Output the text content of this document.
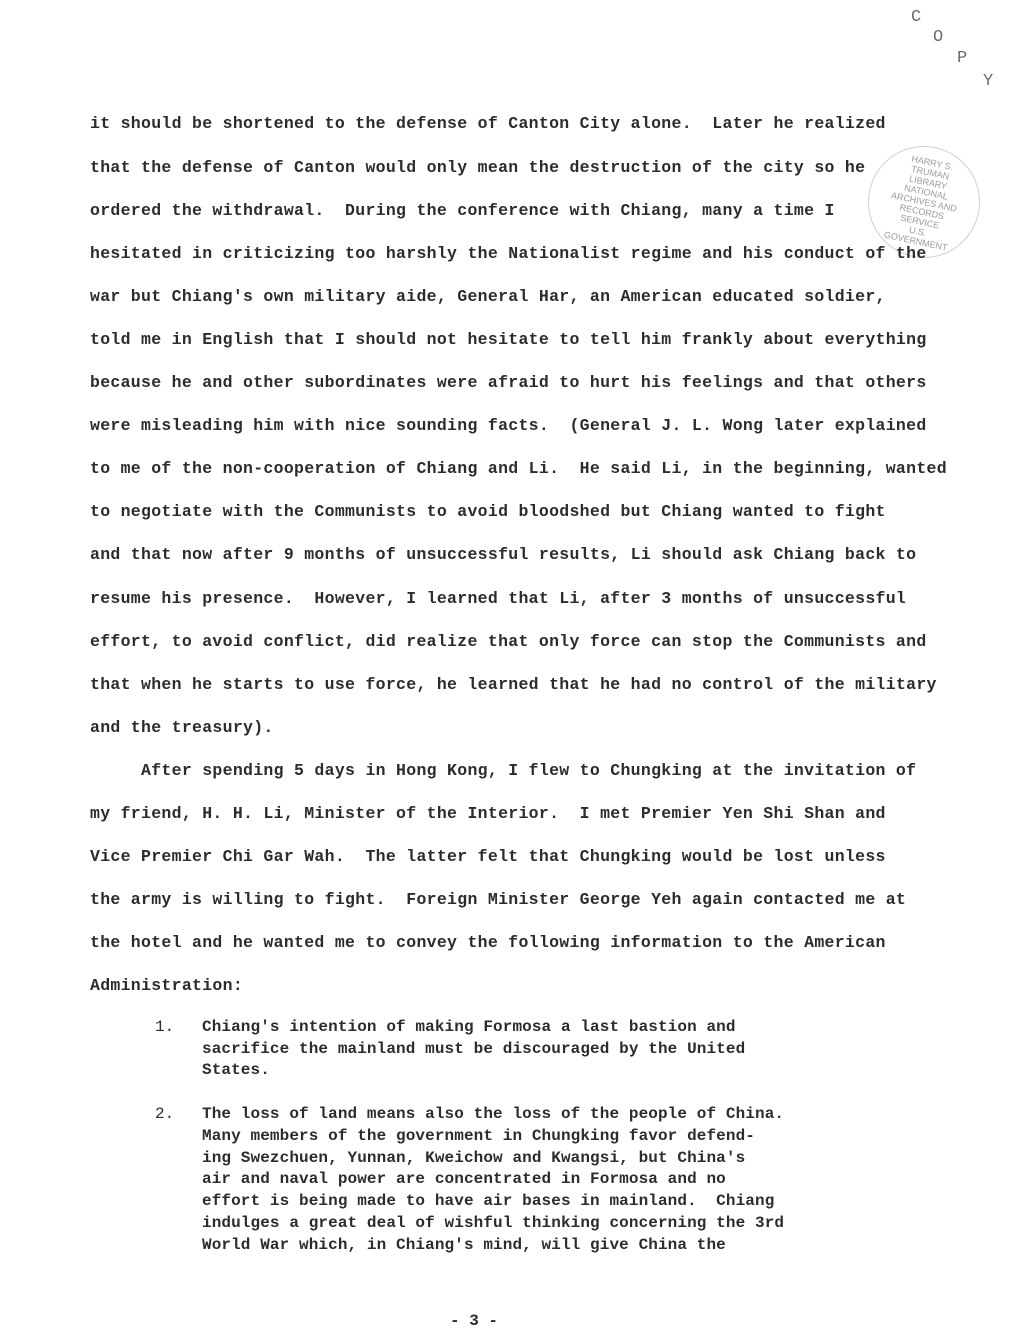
C
O
P
Y
HARRY S. TRUMAN LIBRARY
NATIONAL ARCHIVES AND RECORDS SERVICE
U.S. GOVERNMENT
it should be shortened to the defense of Canton City alone.  Later he realized
that the defense of Canton would only mean the destruction of the city so he
ordered the withdrawal.  During the conference with Chiang, many a time I
hesitated in criticizing too harshly the Nationalist regime and his conduct of the
war but Chiang's own military aide, General Har, an American educated soldier,
told me in English that I should not hesitate to tell him frankly about everything
because he and other subordinates were afraid to hurt his feelings and that others
were misleading him with nice sounding facts.  (General J. L. Wong later explained
to me of the non-cooperation of Chiang and Li.  He said Li, in the beginning, wanted
to negotiate with the Communists to avoid bloodshed but Chiang wanted to fight
and that now after 9 months of unsuccessful results, Li should ask Chiang back to
resume his presence.  However, I learned that Li, after 3 months of unsuccessful
effort, to avoid conflict, did realize that only force can stop the Communists and
that when he starts to use force, he learned that he had no control of the military
and the treasury).
After spending 5 days in Hong Kong, I flew to Chungking at the invitation of
my friend, H. H. Li, Minister of the Interior.  I met Premier Yen Shi Shan and
Vice Premier Chi Gar Wah.  The latter felt that Chungking would be lost unless
the army is willing to fight.  Foreign Minister George Yeh again contacted me at
the hotel and he wanted me to convey the following information to the American
Administration:
1. Chiang's intention of making Formosa a last bastion and
sacrifice the mainland must be discouraged by the United
States.
2. The loss of land means also the loss of the people of China.
Many members of the government in Chungking favor defend-
ing Swezchuen, Yunnan, Kweichow and Kwangsi, but China's
air and naval power are concentrated in Formosa and no
effort is being made to have air bases in mainland.  Chiang
indulges a great deal of wishful thinking concerning the 3rd
World War which, in Chiang's mind, will give China the
- 3 -
